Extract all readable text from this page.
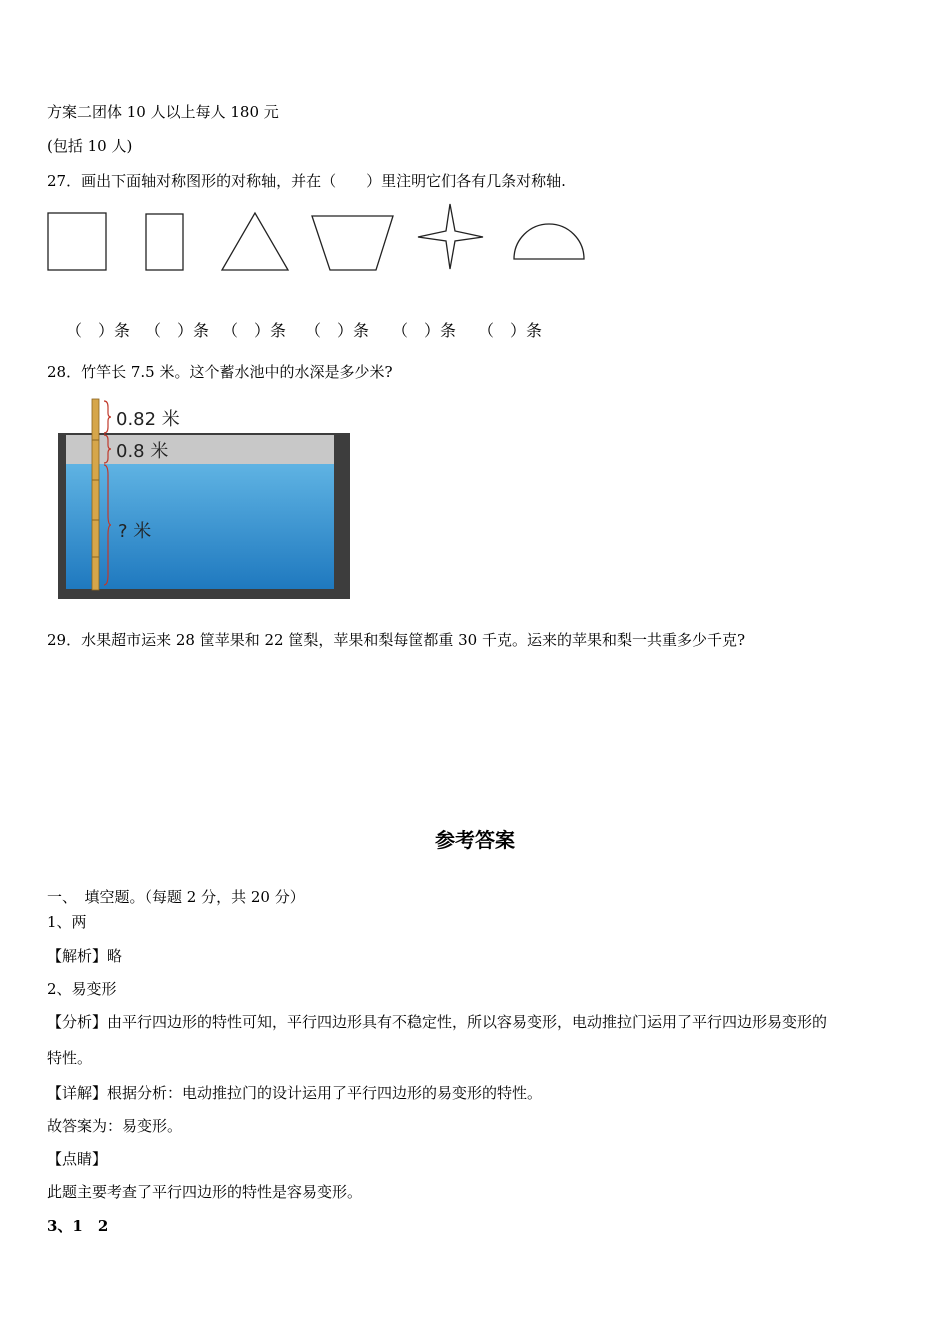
方案二团体 10 人以上每人 180 元
(包括 10 人)
27．画出下面轴对称图形的对称轴，并在（　　）里注明它们各有几条对称轴.
（　）条 （　）条 （　）条 （　）条 （　）条 （　）条
28．竹竿长 7.5 米。这个蓄水池中的水深是多少米?
0.82 米
0.8 米
? 米
29．水果超市运来 28 筐苹果和 22 筐梨，苹果和梨每筐都重 30 千克。运来的苹果和梨一共重多少千克?
参考答案
一、　填空题。（每题 2 分，共 20 分）
1、两
【解析】略
2、易变形
【分析】由平行四边形的特性可知，平行四边形具有不稳定性，所以容易变形，电动推拉门运用了平行四边形易变形的
特性。
【详解】根据分析：电动推拉门的设计运用了平行四边形的易变形的特性。
故答案为：易变形。
【点睛】
此题主要考查了平行四边形的特性是容易变形。
3、1　2
